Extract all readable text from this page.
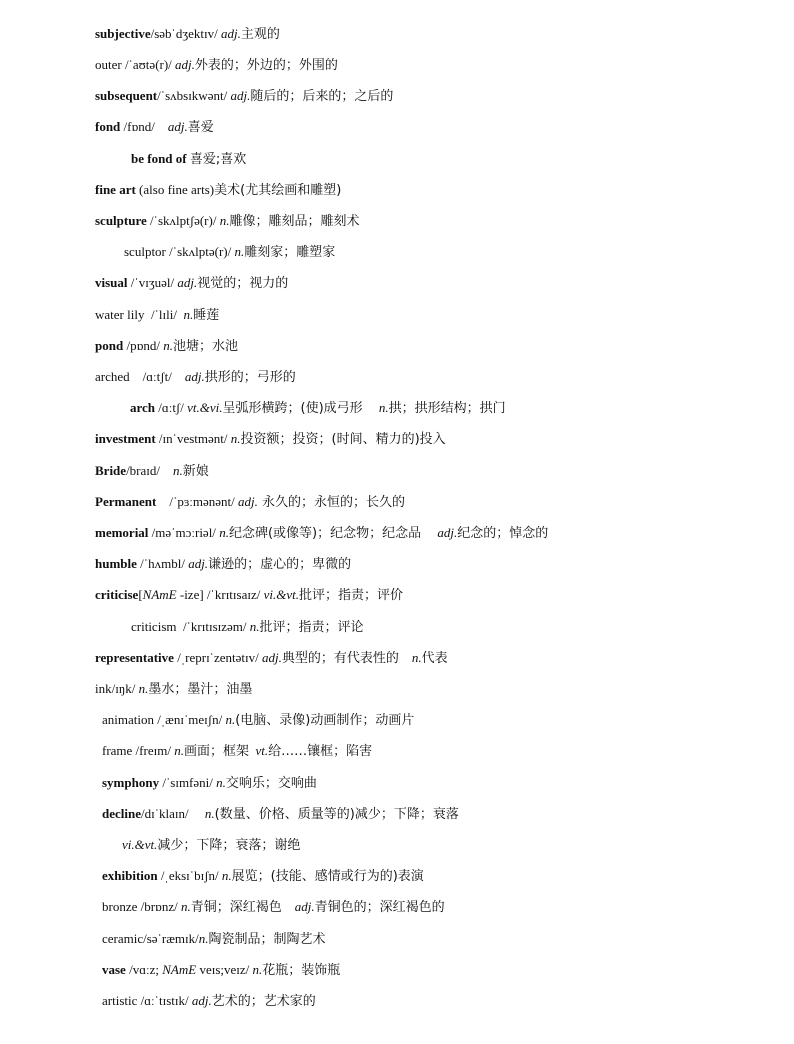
subjective/səbˈdʒektɪv/ adj.主观的
outer /ˈaʊtə(r)/ adj.外表的；外边的；外围的
subsequent/ˈsʌbsɪkwənt/ adj.随后的；后来的；之后的
fond /fɒnd/    adj.喜爱
be fond of 喜爱;喜欢
fine art (also fine arts)美术(尤其绘画和雕塑)
sculpture /ˈskʌlptʃə(r)/ n.雕像；雕刻品；雕刻术
sculptor /ˈskʌlptə(r)/ n.雕刻家；雕塑家
visual /ˈvɪʒuəl/ adj.视觉的；视力的
water lily  /ˈlɪli/  n.睡莲
pond /pɒnd/ n.池塘；水池
arched    /ɑːtʃt/    adj.拱形的；弓形的
arch /ɑːtʃ/ vt.&vi.呈弧形横跨；(使)成弓形 n.拱；拱形结构；拱门
investment /ɪnˈvestmənt/ n.投资额；投资；(时间、精力的)投入
Bride/braɪd/    n.新娘
Permanent    /ˈpɜːmənənt/ adj. 永久的；永恒的；长久的
memorial /məˈmɔːriəl/ n.纪念碑(或像等)；纪念物；纪念品 adj.纪念的；悼念的
humble /ˈhʌmbl/ adj.谦逊的；虚心的；卑微的
criticise[NAmE -ize] /ˈkrɪtɪsaɪz/ vi.&vt.批评；指责；评价
criticism  /ˈkrɪtɪsɪzəm/ n.批评；指责；评论
representative /ˌreprɪˈzentətɪv/ adj.典型的；有代表性的 n.代表
ink/ɪŋk/ n.墨水；墨汁；油墨
animation /ˌænɪˈmeɪʃn/ n.(电脑、录像)动画制作；动画片
frame /freɪm/ n.画面；框架 vt.给……镶框；陷害
symphony /ˈsɪmfəni/ n.交响乐；交响曲
decline/dɪˈklaɪn/     n.(数量、价格、质量等的)减少；下降；衰落
vi.&vt.减少；下降；衰落；谢绝
exhibition /ˌeksɪˈbɪʃn/ n.展览；(技能、感情或行为的)表演
bronze /brɒnz/ n.青铜；深红褐色 adj.青铜色的；深红褐色的
ceramic/səˈræmɪk/n.陶瓷制品；制陶艺术
vase /vɑːz; NAmE veɪs;veɪz/ n.花瓶；装饰瓶
artistic /ɑːˈtɪstɪk/ adj.艺术的；艺术家的
